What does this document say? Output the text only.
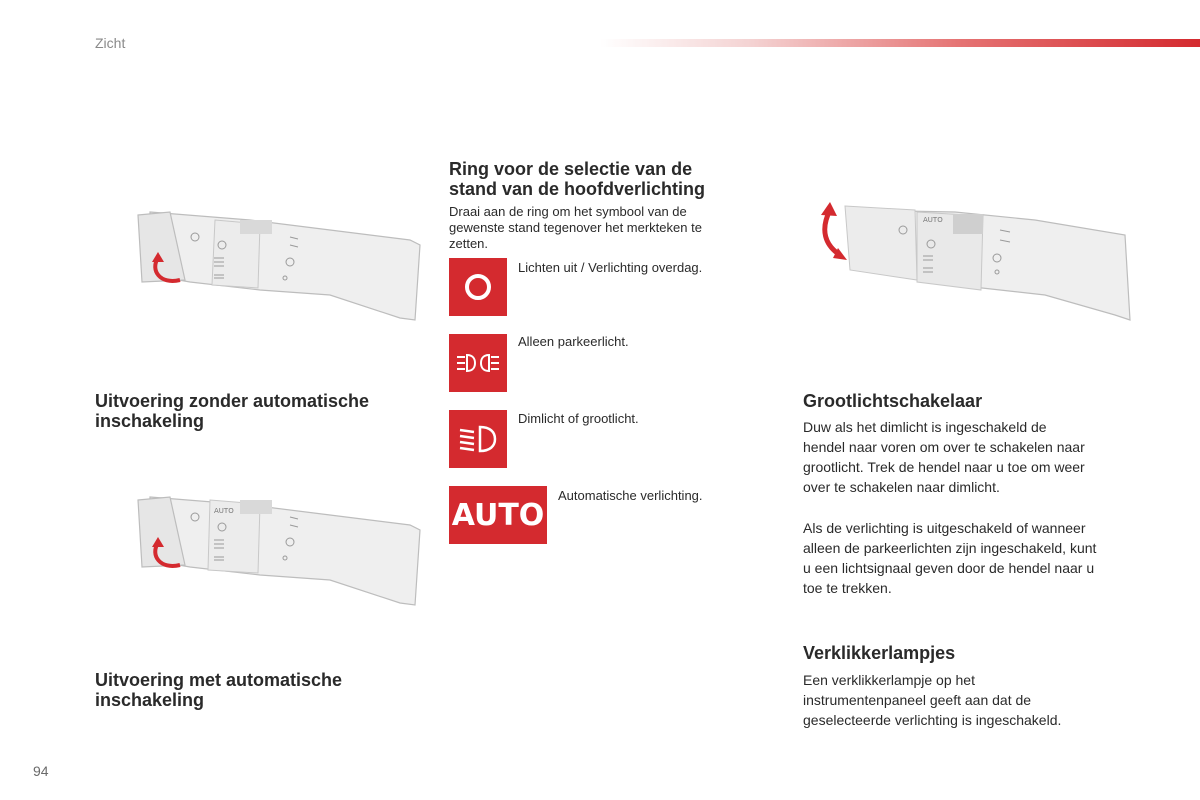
Zicht
Uitvoering zonder automatische
inschakeling
AUTO
Uitvoering met automatische
inschakeling
Ring voor de selectie van de
stand van de hoofdverlichting
Draai aan de ring om het symbool van de
gewenste stand tegenover het merkteken te
zetten.
Lichten uit / Verlichting overdag.
Alleen parkeerlicht.
Dimlicht of grootlicht.
AUTO
Automatische verlichting.
AUTO
Grootlichtschakelaar
Duw als het dimlicht is ingeschakeld de
hendel naar voren om over te schakelen naar
grootlicht. Trek de hendel naar u toe om weer
over te schakelen naar dimlicht.
Als de verlichting is uitgeschakeld of wanneer
alleen de parkeerlichten zijn ingeschakeld, kunt
u een lichtsignaal geven door de hendel naar u
toe te trekken.
Verklikkerlampjes
Een verklikkerlampje op het
instrumentenpaneel geeft aan dat de
geselecteerde verlichting is ingeschakeld.
94
